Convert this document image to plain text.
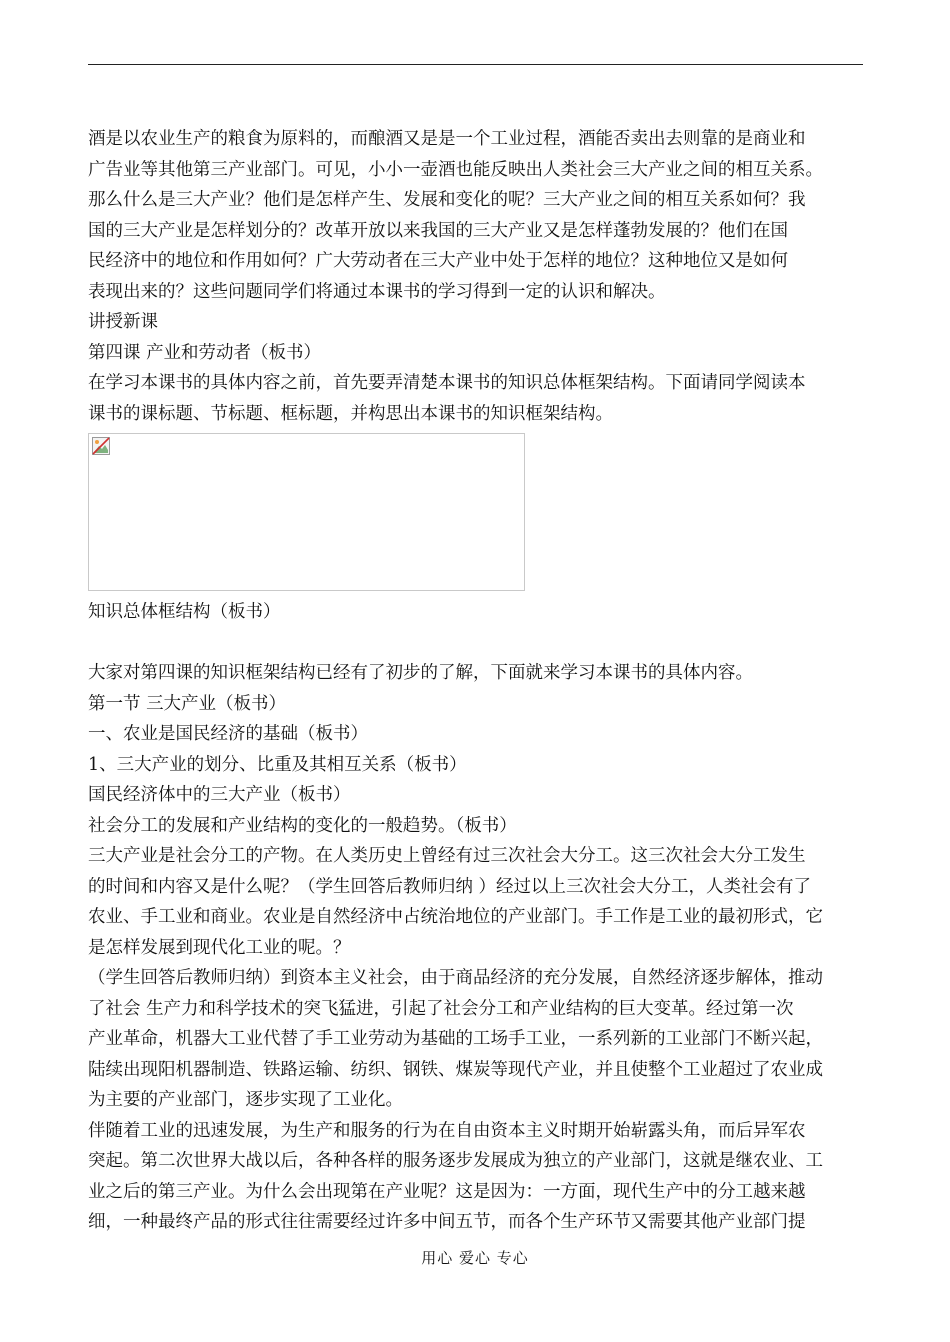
酒是以农业生产的粮食为原料的，而酿酒又是是一个工业过程，酒能否卖出去则靠的是商业和
广告业等其他第三产业部门。可见，小小一壶酒也能反映出人类社会三大产业之间的相互关系。
那么什么是三大产业？他们是怎样产生、发展和变化的呢？三大产业之间的相互关系如何？我
国的三大产业是怎样划分的？改革开放以来我国的三大产业又是怎样蓬勃发展的？他们在国
民经济中的地位和作用如何？广大劳动者在三大产业中处于怎样的地位？这种地位又是如何
表现出来的？这些问题同学们将通过本课书的学习得到一定的认识和解决。
讲授新课
第四课 产业和劳动者（板书）
在学习本课书的具体内容之前，首先要弄清楚本课书的知识总体框架结构。下面请同学阅读本
课书的课标题、节标题、框标题，并构思出本课书的知识框架结构。
知识总体框结构（板书）
大家对第四课的知识框架结构已经有了初步的了解，下面就来学习本课书的具体内容。
第一节 三大产业（板书）
一、农业是国民经济的基础（板书）
1、三大产业的划分、比重及其相互关系（板书）
国民经济体中的三大产业（板书）
社会分工的发展和产业结构的变化的一般趋势。（板书）
三大产业是社会分工的产物。在人类历史上曾经有过三次社会大分工。这三次社会大分工发生
的时间和内容又是什么呢？（学生回答后教师归纳 ）经过以上三次社会大分工，人类社会有了
农业、手工业和商业。农业是自然经济中占统治地位的产业部门。手工作是工业的最初形式，它
是怎样发展到现代化工业的呢。？
（学生回答后教师归纳）到资本主义社会，由于商品经济的充分发展，自然经济逐步解体，推动
了社会 生产力和科学技术的突飞猛进，引起了社会分工和产业结构的巨大变革。经过第一次
产业革命，机器大工业代替了手工业劳动为基础的工场手工业，一系列新的工业部门不断兴起，
陆续出现阳机器制造、铁路运输、纺织、钢铁、煤炭等现代产业，并且使整个工业超过了农业成
为主要的产业部门，逐步实现了工业化。
伴随着工业的迅速发展，为生产和服务的行为在自由资本主义时期开始崭露头角，而后异军农
突起。第二次世界大战以后，各种各样的服务逐步发展成为独立的产业部门，这就是继农业、工
业之后的第三产业。为什么会出现第在产业呢？这是因为：一方面，现代生产中的分工越来越
细，一种最终产品的形式往往需要经过许多中间五节，而各个生产环节又需要其他产业部门提
用心 爱心 专心
